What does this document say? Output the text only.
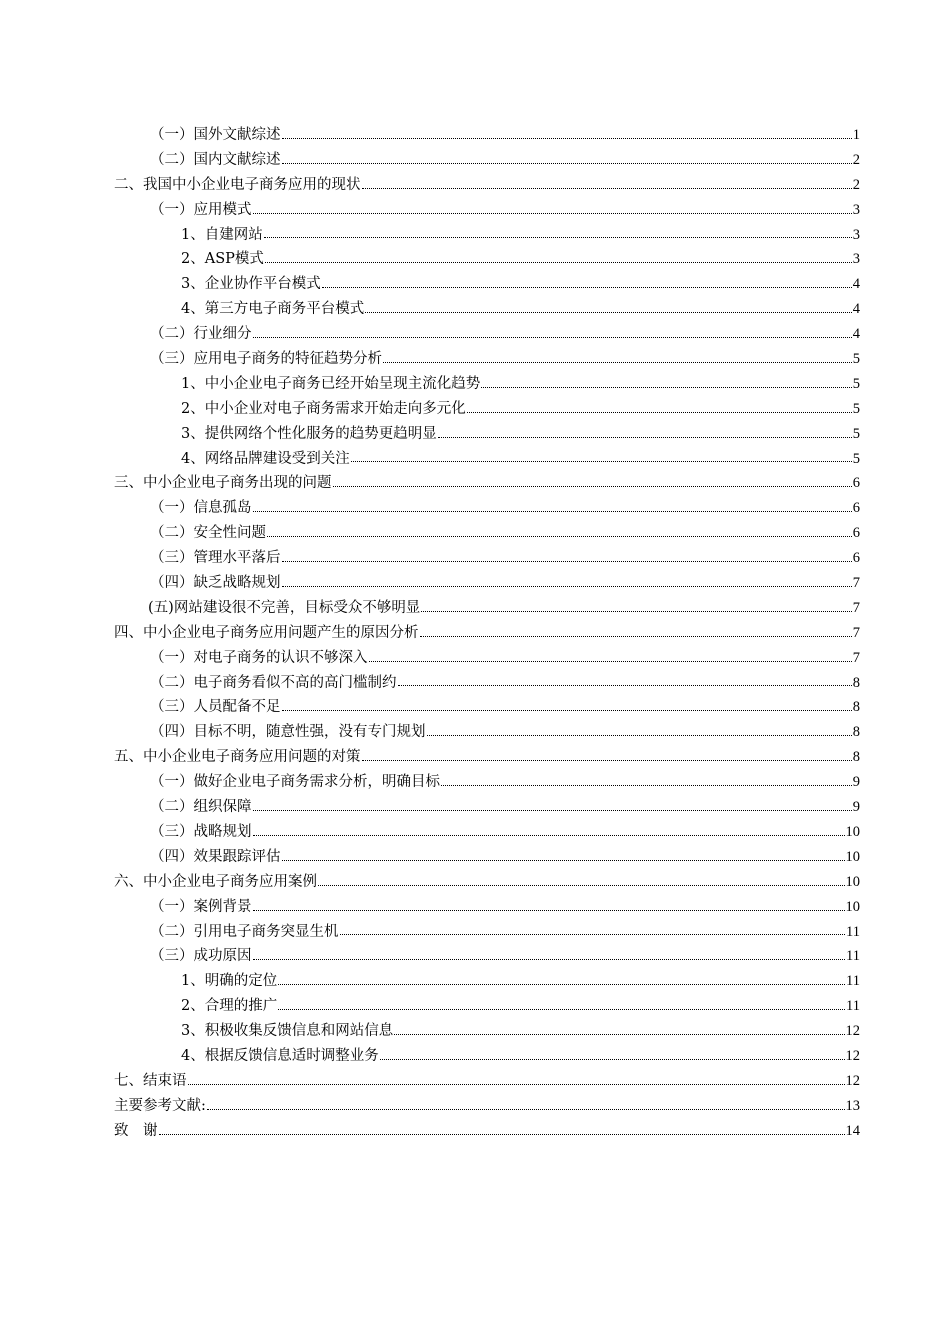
（一）国外文献综述	1
（二）国内文献综述	2
二、我国中小企业电子商务应用的现状	2
（一）应用模式	3
1、自建网站	3
2、ASP模式	3
3、企业协作平台模式	4
4、第三方电子商务平台模式	4
（二）行业细分	4
（三）应用电子商务的特征趋势分析	5
1、中小企业电子商务已经开始呈现主流化趋势	5
2、中小企业对电子商务需求开始走向多元化	5
3、提供网络个性化服务的趋势更趋明显	5
4、网络品牌建设受到关注	5
三、中小企业电子商务出现的问题	6
（一）信息孤岛	6
（二）安全性问题	6
（三）管理水平落后	6
（四）缺乏战略规划	7
(五)网站建设很不完善，目标受众不够明显	7
四、中小企业电子商务应用问题产生的原因分析	7
（一）对电子商务的认识不够深入	7
（二）电子商务看似不高的高门槛制约	8
（三）人员配备不足	8
（四）目标不明，随意性强，没有专门规划	8
五、中小企业电子商务应用问题的对策	8
（一）做好企业电子商务需求分析，明确目标	9
（二）组织保障	9
（三）战略规划	10
（四）效果跟踪评估	10
六、中小企业电子商务应用案例	10
（一）案例背景	10
（二）引用电子商务突显生机	11
（三）成功原因	11
1、明确的定位	11
2、合理的推广	11
3、积极收集反馈信息和网站信息	12
4、根据反馈信息适时调整业务	12
七、结束语	12
主要参考文献:	13
致　谢	14
